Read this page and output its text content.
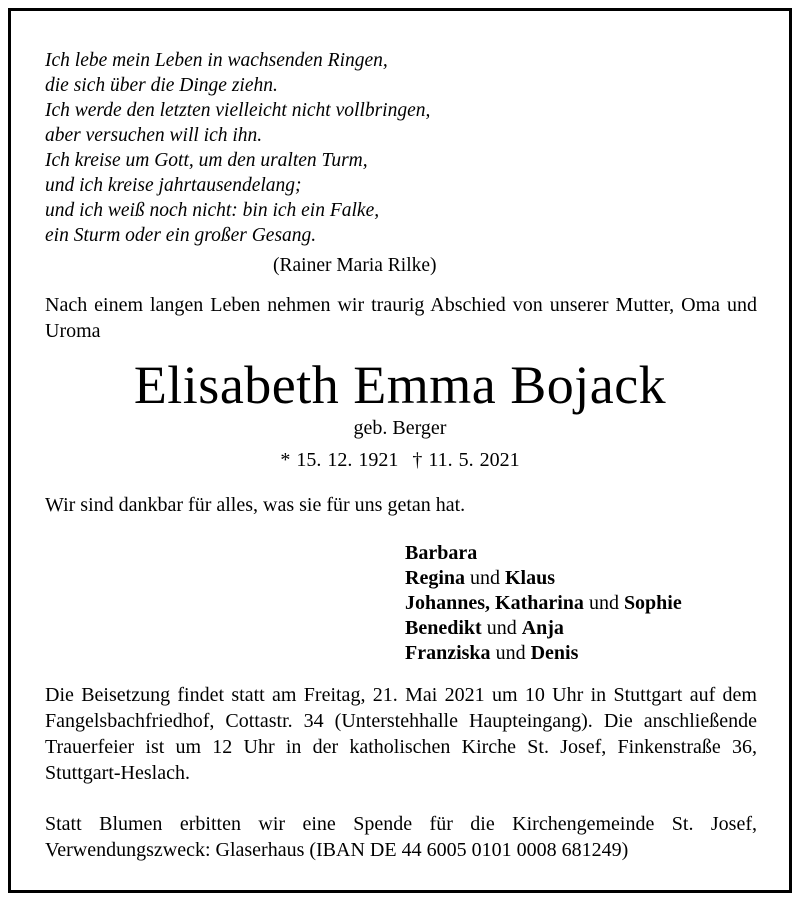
Ich lebe mein Leben in wachsenden Ringen,
die sich über die Dinge ziehn.
Ich werde den letzten vielleicht nicht vollbringen,
aber versuchen will ich ihn.
Ich kreise um Gott, um den uralten Turm,
und ich kreise jahrtausendelang;
und ich weiß noch nicht: bin ich ein Falke,
ein Sturm oder ein großer Gesang.
(Rainer Maria Rilke)
Nach einem langen Leben nehmen wir traurig Abschied von unserer Mutter, Oma und Uroma
Elisabeth Emma Bojack
geb. Berger
* 15. 12. 1921 † 11. 5. 2021
Wir sind dankbar für alles, was sie für uns getan hat.
Barbara
Regina und Klaus
Johannes, Katharina und Sophie
Benedikt und Anja
Franziska und Denis
Die Beisetzung findet statt am Freitag, 21. Mai 2021 um 10 Uhr in Stuttgart auf dem Fangelsbachfriedhof, Cottastr. 34 (Unterstehhalle Haupteingang). Die anschließende Trauerfeier ist um 12 Uhr in der katholischen Kirche St. Josef, Finkenstraße 36, Stuttgart-Heslach.
Statt Blumen erbitten wir eine Spende für die Kirchengemeinde St. Josef, Verwendungszweck: Glaserhaus (IBAN DE 44 6005 0101 0008 681249)
